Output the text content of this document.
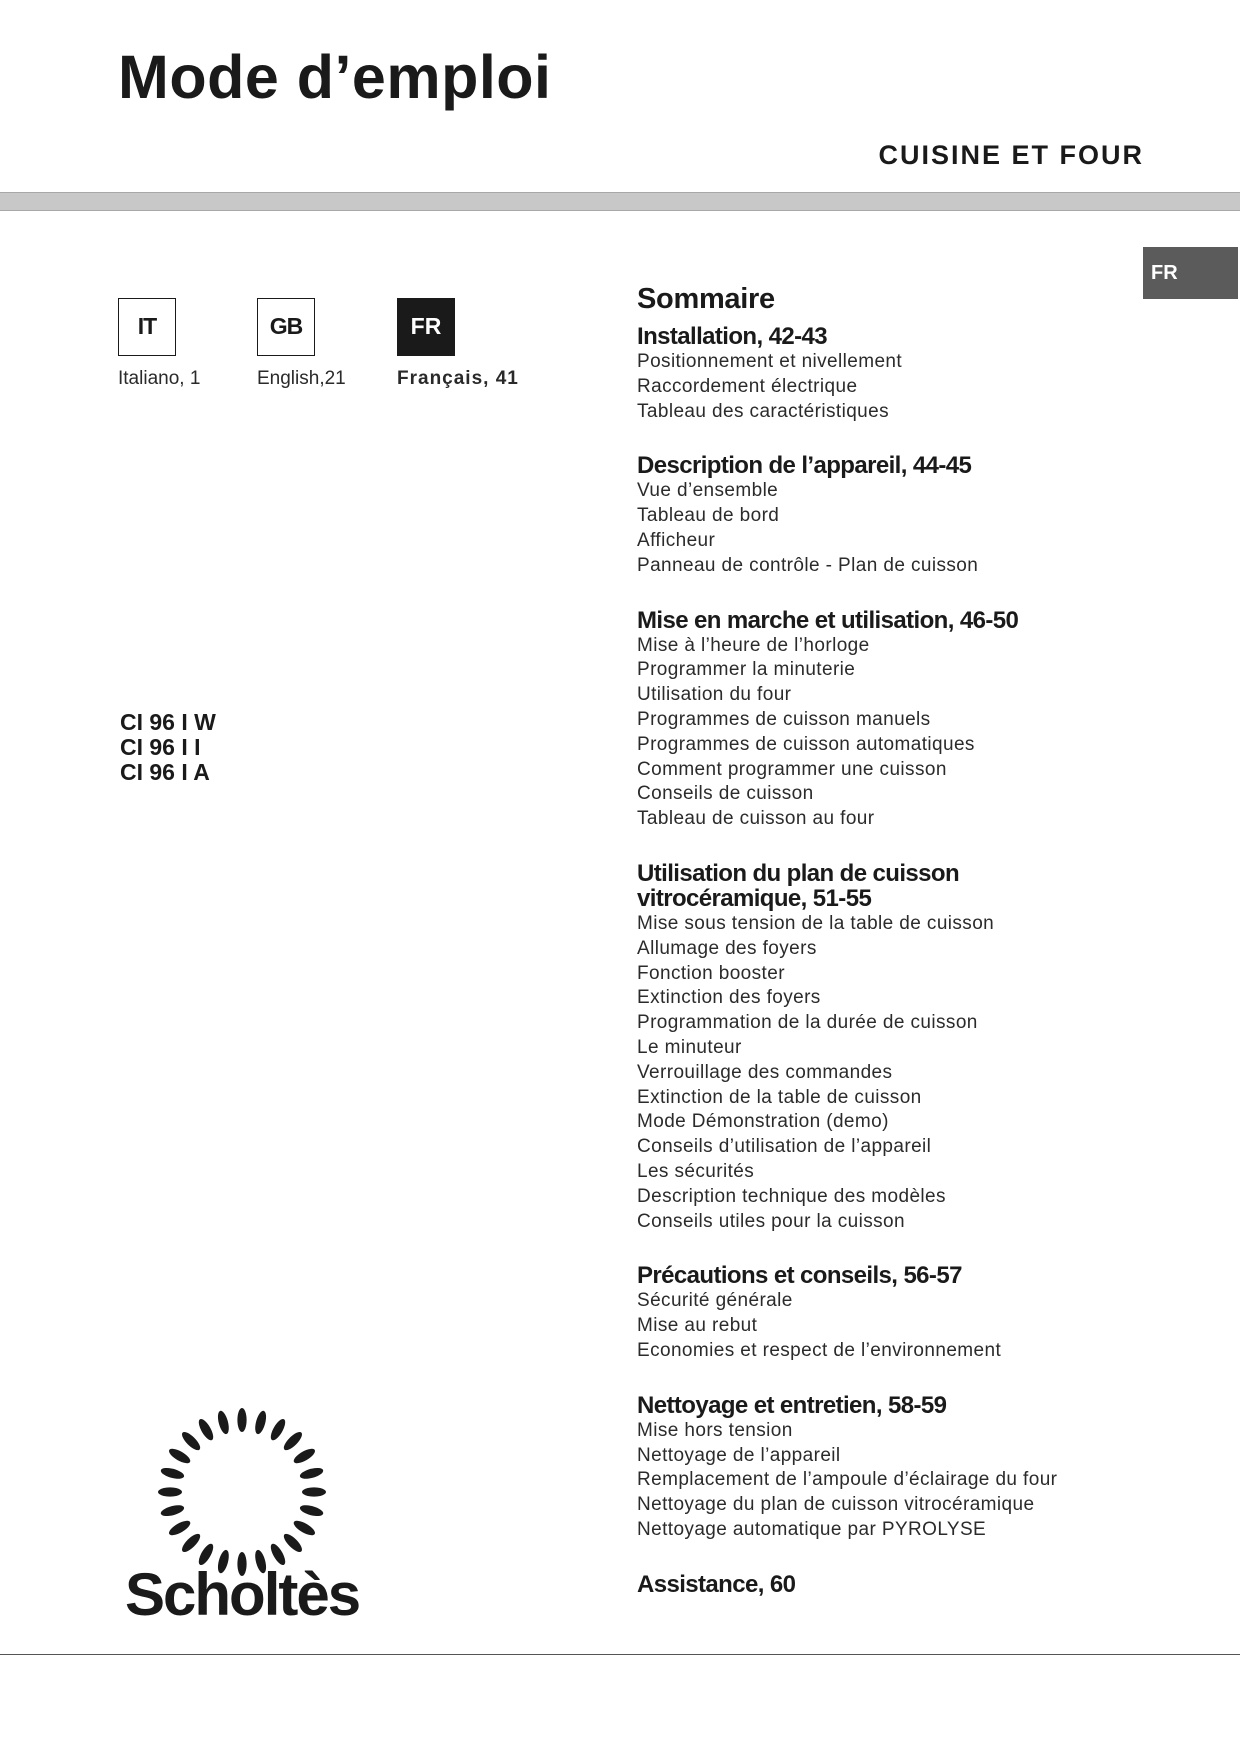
Mode d’emploi
CUISINE ET FOUR
FR
IT	GB	FR
Italiano, 1	English,21	Français, 41
CI 96 I W
CI 96 I I
CI 96 I A
Sommaire
Installation, 42-43
Positionnement et nivellement
Raccordement électrique
Tableau des caractéristiques
Description de l’appareil, 44-45
Vue d’ensemble
Tableau de bord
Afficheur
Panneau de contrôle - Plan de cuisson
Mise en marche et utilisation, 46-50
Mise à l’heure de l’horloge
Programmer la minuterie
Utilisation du four
Programmes de cuisson manuels
Programmes de cuisson automatiques
Comment programmer une cuisson
Conseils de cuisson
Tableau de cuisson au four
Utilisation du plan de cuisson
vitrocéramique, 51-55
Mise sous tension de la table de cuisson
Allumage des foyers
Fonction booster
Extinction des foyers
Programmation de la durée de cuisson
Le minuteur
Verrouillage des commandes
Extinction de la table de cuisson
Mode Démonstration (demo)
Conseils d’utilisation de l’appareil
Les sécurités
Description technique des modèles
Conseils utiles pour la cuisson
Précautions et conseils, 56-57
Sécurité générale
Mise au rebut
Economies et respect de l’environnement
Nettoyage et entretien, 58-59
Mise hors tension
Nettoyage de l’appareil
Remplacement de l’ampoule d’éclairage du four
Nettoyage du plan de cuisson vitrocéramique
Nettoyage automatique par PYROLYSE
Assistance, 60
Scholtès
